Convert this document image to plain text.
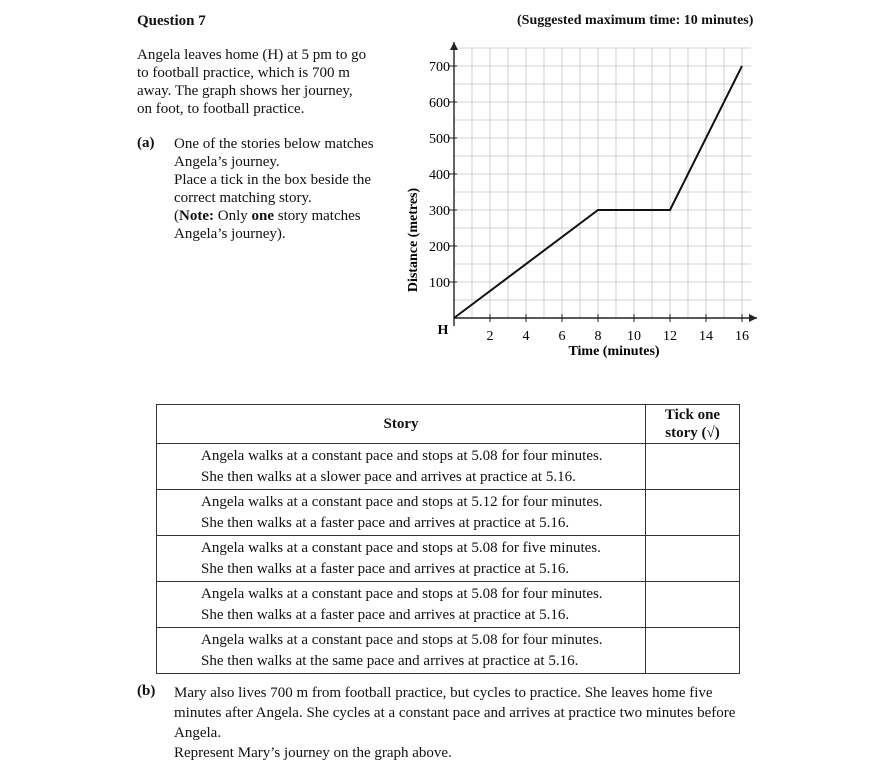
Question 7	(Suggested maximum time: 10 minutes)
Angela leaves home (H) at 5 pm to go
to football practice, which is 700 m
away. The graph shows her journey,
on foot, to football practice.
(a) One of the stories below matches
Angela’s journey.
Place a tick in the box beside the
correct matching story.
(Note: Only one story matches
Angela’s journey).
2 4 6 8 10 12 14 16
100
200
300
400
500
600
700
Distance (metres)
Time (minutes)
H
Story	Tick one
story (√)

Angela walks at a constant pace and stops at 5.08 for four minutes.
She then walks at a slower pace and arrives at practice at 5.16.	

Angela walks at a constant pace and stops at 5.12 for four minutes.
She then walks at a faster pace and arrives at practice at 5.16.	

Angela walks at a constant pace and stops at 5.08 for five minutes.
She then walks at a faster pace and arrives at practice at 5.16.	

Angela walks at a constant pace and stops at 5.08 for four minutes.
She then walks at a faster pace and arrives at practice at 5.16.	

Angela walks at a constant pace and stops at 5.08 for four minutes.
She then walks at the same pace and arrives at practice at 5.16.	

(b) Mary also lives 700 m from football practice, but cycles to practice. She leaves home five
minutes after Angela. She cycles at a constant pace and arrives at practice two minutes before
Angela.
Represent Mary’s journey on the graph above.
